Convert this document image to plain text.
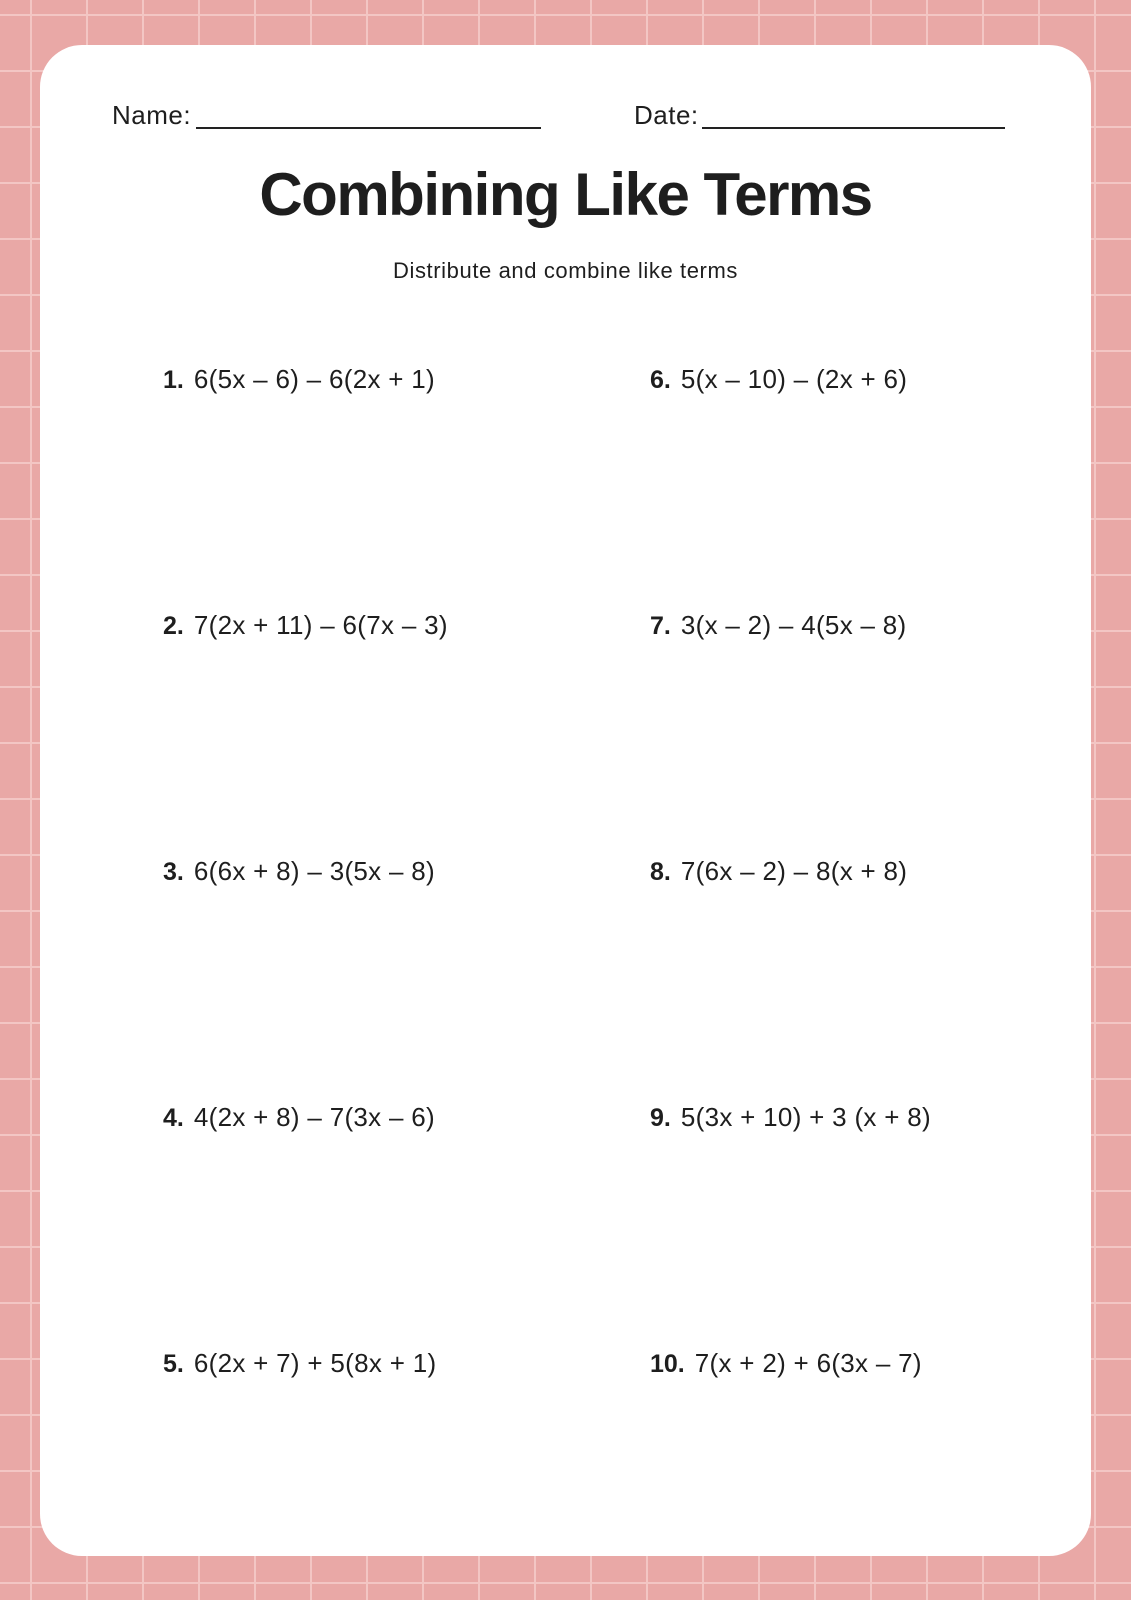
Name:	Date:
Combining Like Terms
Distribute and combine like terms
1. 6(5x – 6) – 6(2x + 1)
2. 7(2x + 11) – 6(7x – 3)
3. 6(6x + 8) – 3(5x – 8)
4. 4(2x + 8) – 7(3x – 6)
5. 6(2x + 7) + 5(8x + 1)
6. 5(x – 10) – (2x + 6)
7. 3(x – 2) – 4(5x – 8)
8. 7(6x – 2) – 8(x + 8)
9. 5(3x + 10) + 3 (x + 8)
10. 7(x + 2) + 6(3x – 7)
